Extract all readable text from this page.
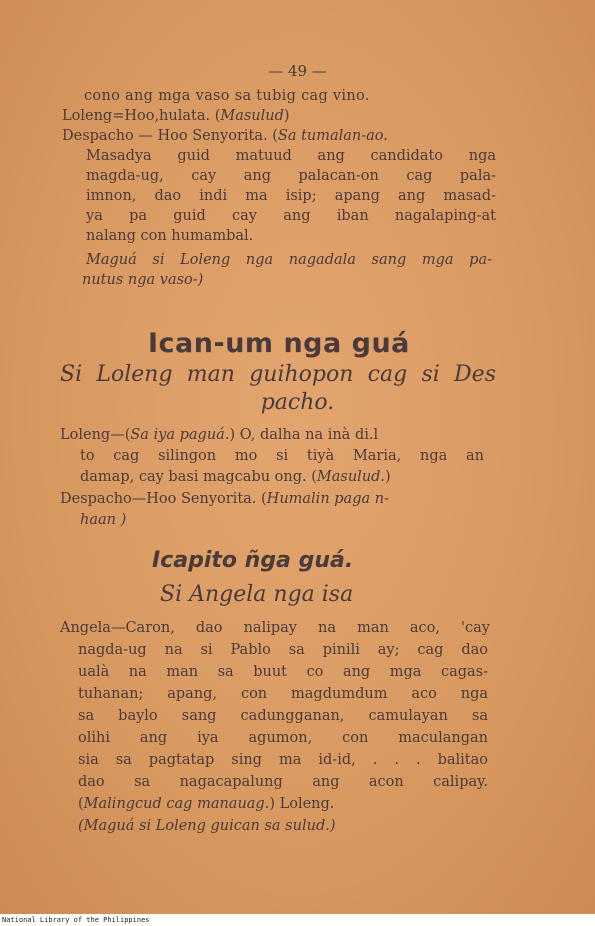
— 49 —
cono ang mga vaso sa tubig cag vino.
Loleng=Hoo,hulata. (Masulud)
Despacho — Hoo Senyorita. (Sa tumalan-ao.
Masadya guid matuud ang candidato nga
magda-ug, cay ang palacan-on cag pala-
imnon, dao indi ma isip; apang ang masad-
ya pa guid cay ang iban nagalaping-at
nalang con humambal.
Maguá si Loleng nga nagadala sang mga pa-
nutus nga vaso-)
Ican-um nga guá
Si Loleng man guihopon cag si Des
pacho.
Loleng—(Sa iya paguá.) O, dalha na inà di.l
to cag silingon mo si tiyà Maria, nga an
damap, cay basi magcabu ong. (Masulud.)
Despacho—Hoo Senyorita. (Humalin paga n-
haan )
Icapito ñga guá.
Si Angela nga isa
Angela—Caron, dao nalipay na man aco, 'cay
nagda-ug na si Pablo sa pinili ay; cag dao
ualà na man sa buut co ang mga cagas-
tuhanan; apang, con magdumdum aco nga
sa baylo sang cadungganan, camulayan sa
olihi ang iya agumon, con maculangan
sia sa pagtatap sing ma id-id, . . . balitao
dao sa nagacapalung ang acon calipay.
(Malingcud cag manauag.) Loleng.
(Maguá si Loleng guican sa sulud.)
National Library of the Philippines
